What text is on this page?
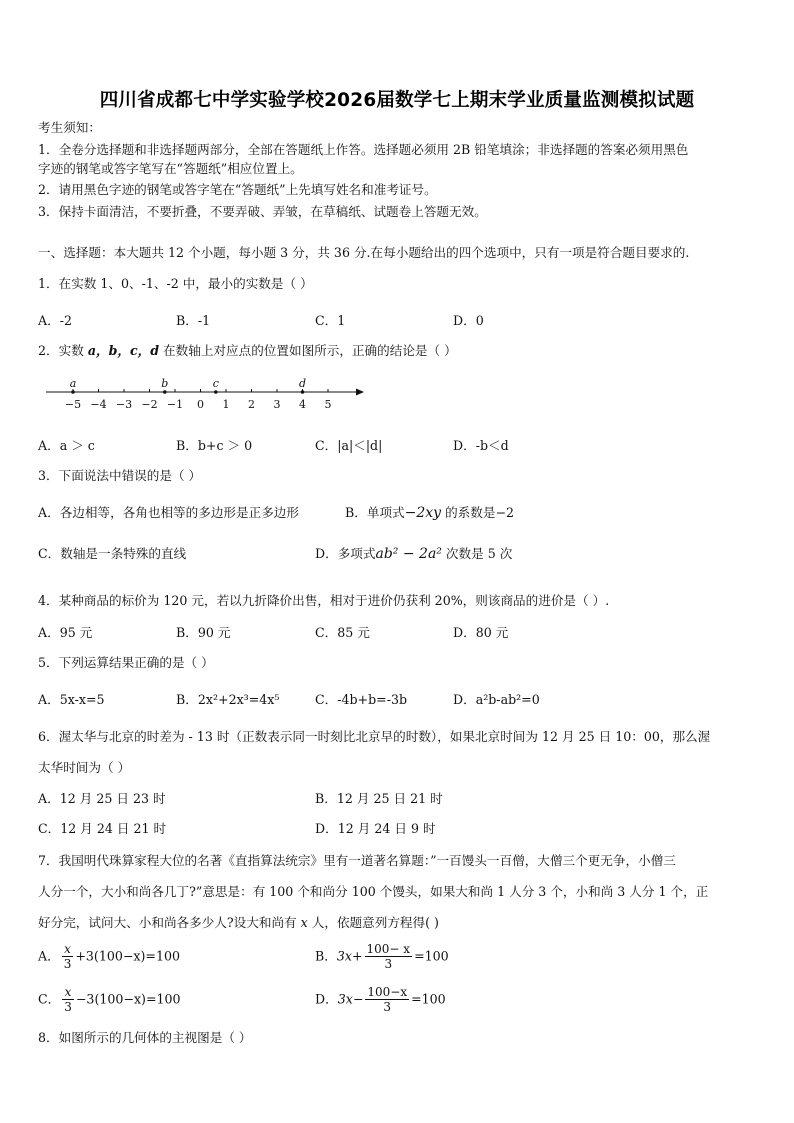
四川省成都七中学实验学校2026届数学七上期末学业质量监测模拟试题
考生须知：
1．全卷分选择题和非选择题两部分，全部在答题纸上作答。选择题必须用 2B 铅笔填涂；非选择题的答案必须用黑色
字迹的钢笔或答字笔写在“答题纸”相应位置上。
2．请用黑色字迹的钢笔或答字笔在“答题纸”上先填写姓名和准考证号。
3．保持卡面清洁，不要折叠，不要弄破、弄皱，在草稿纸、试题卷上答题无效。
一、选择题：本大题共 12 个小题，每小题 3 分，共 36 分.在每小题给出的四个选项中，只有一项是符合题目要求的.
1．在实数 1、0、-1、-2 中，最小的实数是（ ）
A．-2	B．-1	C．1	D．0
2．实数 a，b，c，d 在数轴上对应点的位置如图所示，正确的结论是（ ）
−5 −4 −3 −2 −1 0 1 2 3 4 5
a	b	c	d
A．a ＞ c	B．b+c ＞ 0	C．|a|＜|d|	D．-b＜d
3．下面说法中错误的是（ ）
A．各边相等，各角也相等的多边形是正多边形	B．单项式−2xy 的系数是−2
C．数轴是一条特殊的直线	D．多项式ab² − 2a² 次数是 5 次
4．某种商品的标价为 120 元，若以九折降价出售，相对于进价仍获利 20%，则该商品的进价是（ ）.
A．95 元	B．90 元	C．85 元	D．80 元
5．下列运算结果正确的是（ ）
A．5x-x=5	B．2x²+2x³=4x⁵	C．-4b+b=-3b	D．a²b-ab²=0
6．渥太华与北京的时差为 - 13 时（正数表示同一时刻比北京早的时数），如果北京时间为 12 月 25 日 10：00，那么渥
太华时间为（ ）
A．12 月 25 日 23 时	B．12 月 25 日 21 时
C．12 月 24 日 21 时	D．12 月 24 日 9 时
7．我国明代珠算家程大位的名著《直指算法统宗》里有一道著名算题：”一百馒头一百僧，大僧三个更无争，小僧三
人分一个，大小和尚各几丁?”意思是：有 100 个和尚分 100 个馒头，如果大和尚 1 人分 3 个，小和尚 3 人分 1 个，正
好分完，试问大、小和尚各多少人?设大和尚有 x 人，依题意列方程得( )
A． $\frac{x}{3} +3(100-x)=100$	B．$3x+ \frac{100- x}{3} =100$
C． $\frac{x}{3} -3(100-x)=100$	D．$3x- \frac{100-x}{3} =100$
8．如图所示的几何体的主视图是（ ）
